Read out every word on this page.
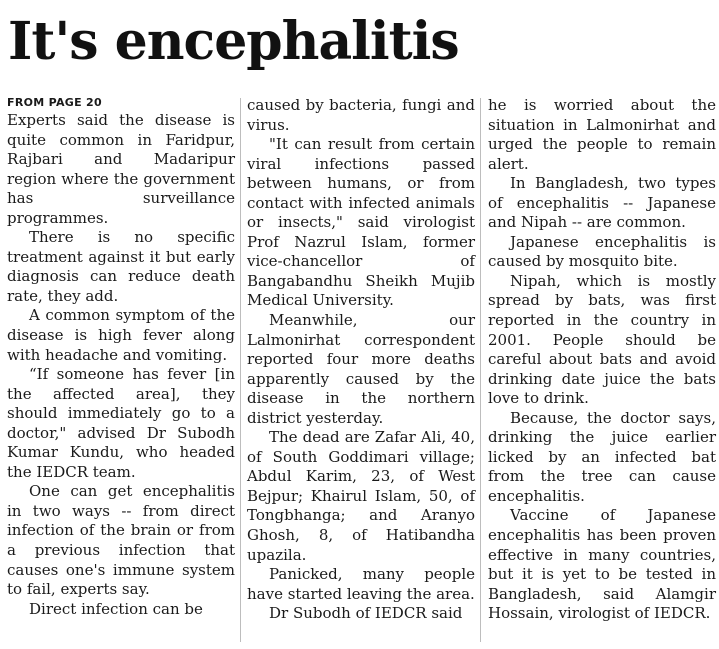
It's encephalitis
FROM PAGE 20

Experts said the disease is quite common in Faridpur, Rajbari and Madaripur region where the government has surveillance programmes.

There is no specific treatment against it but early diagnosis can reduce death rate, they add.

A common symptom of the disease is high fever along with headache and vomiting.

“If someone has fever [in the affected area], they should immediately go to a doctor," advised Dr Subodh Kumar Kundu, who headed the IEDCR team.

One can get encephalitis in two ways -- from direct infection of the brain or from a previous infection that causes one's immune system to fail, experts say.

Direct infection can be

caused by bacteria, fungi and virus.

"It can result from certain viral infections passed between humans, or from contact with infected animals or insects," said virologist Prof Nazrul Islam, former vice-chancellor of Bangabandhu Sheikh Mujib Medical University.

Meanwhile, our Lalmonirhat correspondent reported four more deaths apparently caused by the disease in the northern district yesterday.

The dead are Zafar Ali, 40, of South Goddimari village; Abdul Karim, 23, of West Bejpur; Khairul Islam, 50, of Tongbhanga; and Aranyo Ghosh, 8, of Hatibandha upazila.

Panicked, many people have started leaving the area.

Dr Subodh of IEDCR said

he is worried about the situation in Lalmonirhat and urged the people to remain alert.

In Bangladesh, two types of encephalitis -- Japanese and Nipah -- are common.

Japanese encephalitis is caused by mosquito bite.

Nipah, which is mostly spread by bats, was first reported in the country in 2001. People should be careful about bats and avoid drinking date juice the bats love to drink.

Because, the doctor says, drinking the juice earlier licked by an infected bat from the tree can cause encephalitis.

Vaccine of Japanese encephalitis has been proven effective in many countries, but it is yet to be tested in Bangladesh, said Alamgir Hossain, virologist of IEDCR.
